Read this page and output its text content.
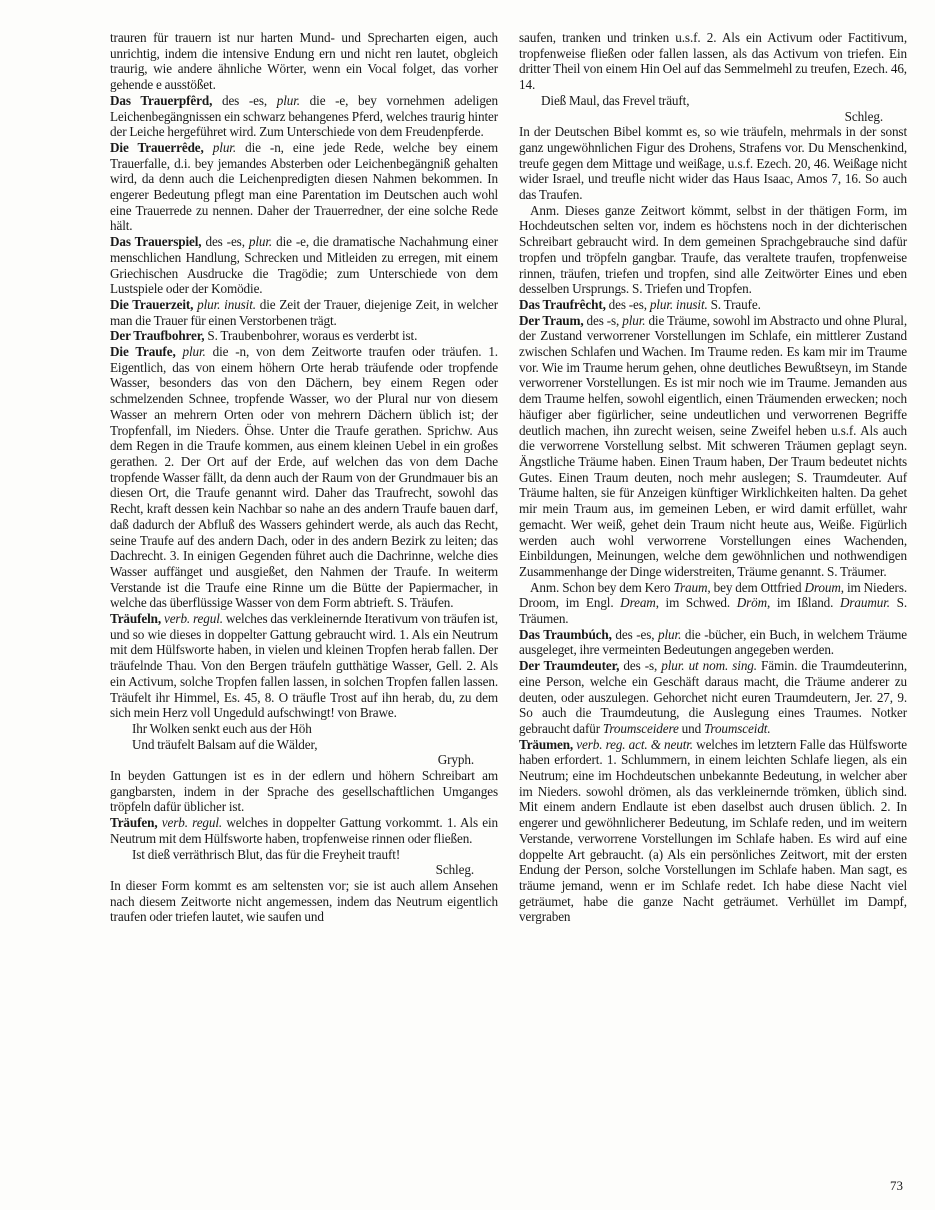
trauren für trauern ist nur harten Mund- und Sprecharten eigen, auch unrichtig, indem die intensive Endung ern und nicht ren lautet, obgleich traurig, wie andere ähnliche Wörter, wenn ein Vocal folget, das vorher gehende e ausstößet.
Das Trauerpfêrd, des -es, plur. die -e, bey vornehmen adeligen Leichenbegängnissen ein schwarz behangenes Pferd, welches traurig hinter der Leiche hergeführet wird. Zum Unterschiede von dem Freudenpferde.
Die Trauerrêde, plur. die -n, eine jede Rede, welche bey einem Trauerfalle, d.i. bey jemandes Absterben oder Leichenbegängniß gehalten wird, da denn auch die Leichenpredigten diesen Nahmen bekommen. In engerer Bedeutung pflegt man eine Parentation im Deutschen auch wohl eine Trauerrede zu nennen. Daher der Trauerredner, der eine solche Rede hält.
Das Trauerspiel, des -es, plur. die -e, die dramatische Nachahmung einer menschlichen Handlung, Schrecken und Mitleiden zu erregen, mit einem Griechischen Ausdrucke die Tragödie; zum Unterschiede von dem Lustspiele oder der Komödie.
Die Trauerzeit, plur. inusit. die Zeit der Trauer, diejenige Zeit, in welcher man die Trauer für einen Verstorbenen trägt.
Der Traufbohrer, S. Traubenbohrer, woraus es verderbt ist.
Die Traufe, plur. die -n, von dem Zeitworte traufen oder träufen. 1. Eigentlich, das von einem höhern Orte herab träufende oder tropfende Wasser, besonders das von den Dächern, bey einem Regen oder schmelzenden Schnee, tropfende Wasser, wo der Plural nur von diesem Wasser an mehrern Orten oder von mehrern Dächern üblich ist; der Tropfenfall, im Nieders. Öhse. Unter die Traufe gerathen. Sprichw. Aus dem Regen in die Traufe kommen, aus einem kleinen Uebel in ein großes gerathen. 2. Der Ort auf der Erde, auf welchen das von dem Dache tropfende Wasser fällt, da denn auch der Raum von der Grundmauer bis an diesen Ort, die Traufe genannt wird. Daher das Traufrecht, sowohl das Recht, kraft dessen kein Nachbar so nahe an des andern Traufe bauen darf, daß dadurch der Abfluß des Wassers gehindert werde, als auch das Recht, seine Traufe auf des andern Dach, oder in des andern Bezirk zu leiten; das Dachrecht. 3. In einigen Gegenden führet auch die Dachrinne, welche dies Wasser auffänget und ausgießet, den Nahmen der Traufe. In weiterm Verstande ist die Traufe eine Rinne um die Bütte der Papiermacher, in welche das überflüssige Wasser von dem Form abtrieft. S. Träufen.
Träufeln, verb. regul. welches das verkleinernde Iterativum von träufen ist, und so wie dieses in doppelter Gattung gebraucht wird. 1. Als ein Neutrum mit dem Hülfsworte haben, in vielen und kleinen Tropfen herab fallen. Der träufelnde Thau. Von den Bergen träufeln gutthätige Wasser, Gell. 2. Als ein Activum, solche Tropfen fallen lassen, in solchen Tropfen fallen lassen. Träufelt ihr Himmel, Es. 45, 8. O träufle Trost auf ihn herab, du, zu dem sich mein Herz voll Ungeduld aufschwingt! von Brawe.
Ihr Wolken senkt euch aus der Höh
Und träufelt Balsam auf die Wälder,
Gryph.
In beyden Gattungen ist es in der edlern und höhern Schreibart am gangbarsten, indem in der Sprache des gesellschaftlichen Umganges tröpfeln dafür üblicher ist.
Träufen, verb. regul. welches in doppelter Gattung vorkommt. 1. Als ein Neutrum mit dem Hülfsworte haben, tropfenweise rinnen oder fließen.
Ist dieß verräthrisch Blut, das für die Freyheit trauft!
Schleg.
In dieser Form kommt es am seltensten vor; sie ist auch allem Ansehen nach diesem Zeitworte nicht angemessen, indem das Neutrum eigentlich traufen oder triefen lautet, wie saufen und
saufen, tranken und trinken u.s.f. 2. Als ein Activum oder Factitivum, tropfenweise fließen oder fallen lassen, als das Activum von triefen. Ein dritter Theil von einem Hin Oel auf das Semmelmehl zu treufen, Ezech. 46, 14.
Dieß Maul, das Frevel träuft,
Schleg.
In der Deutschen Bibel kommt es, so wie träufeln, mehrmals in der sonst ganz ungewöhnlichen Figur des Drohens, Strafens vor. Du Menschenkind, treufe gegen dem Mittage und weißage, u.s.f. Ezech. 20, 46. Weißage nicht wider Israel, und treufle nicht wider das Haus Isaac, Amos 7, 16. So auch das Traufen.
Anm. Dieses ganze Zeitwort kömmt, selbst in der thätigen Form, im Hochdeutschen selten vor, indem es höchstens noch in der dichterischen Schreibart gebraucht wird. In dem gemeinen Sprachgebrauche sind dafür tropfen und tröpfeln gangbar. Traufe, das veraltete traufen, tropfenweise rinnen, träufen, triefen und tropfen, sind alle Zeitwörter Eines und eben desselben Ursprungs. S. Triefen und Tropfen.
Das Traufrêcht, des -es, plur. inusit. S. Traufe.
Der Traum, des -s, plur. die Träume, sowohl im Abstracto und ohne Plural, der Zustand verworrener Vorstellungen im Schlafe, ein mittlerer Zustand zwischen Schlafen und Wachen. Im Traume reden. Es kam mir im Traume vor. Wie im Traume herum gehen, ohne deutliches Bewußtseyn, im Stande verworrener Vorstellungen. Es ist mir noch wie im Traume. Jemanden aus dem Traume helfen, sowohl eigentlich, einen Träumenden erwecken; noch häufiger aber figürlicher, seine undeutlichen und verworrenen Begriffe deutlich machen, ihn zurecht weisen, seine Zweifel heben u.s.f. Als auch die verworrene Vorstellung selbst. Mit schweren Träumen geplagt seyn. Ängstliche Träume haben. Einen Traum haben, Der Traum bedeutet nichts Gutes. Einen Traum deuten, noch mehr auslegen; S. Traumdeuter. Auf Träume halten, sie für Anzeigen künftiger Wirklichkeiten halten. Da gehet mir mein Traum aus, im gemeinen Leben, er wird damit erfüllet, wahr gemacht. Wer weiß, gehet dein Traum nicht heute aus, Weiße. Figürlich werden auch wohl verworrene Vorstellungen eines Wachenden, Einbildungen, Meinungen, welche dem gewöhnlichen und nothwendigen Zusammenhange der Dinge widerstreiten, Träume genannt. S. Träumer.
Anm. Schon bey dem Kero Traum, bey dem Ottfried Droum, im Nieders. Droom, im Engl. Dream, im Schwed. Dröm, im Ißland. Draumur. S. Träumen.
Das Traumbúch, des -es, plur. die -bücher, ein Buch, in welchem Träume ausgeleget, ihre vermeinten Bedeutungen angegeben werden.
Der Traumdeuter, des -s, plur. ut nom. sing. Fämin. die Traumdeuterinn, eine Person, welche ein Geschäft daraus macht, die Träume anderer zu deuten, oder auszulegen. Gehorchet nicht euren Traumdeutern, Jer. 27, 9. So auch die Traumdeutung, die Auslegung eines Traumes. Notker gebraucht dafür Troumsceidere und Troumsceidt.
Träumen, verb. reg. act. & neutr. welches im letztern Falle das Hülfsworte haben erfordert. 1. Schlummern, in einem leichten Schlafe liegen, als ein Neutrum; eine im Hochdeutschen unbekannte Bedeutung, in welcher aber im Nieders. sowohl drömen, als das verkleinernde trömken, üblich sind. Mit einem andern Endlaute ist eben daselbst auch drusen üblich. 2. In engerer und gewöhnlicherer Bedeutung, im Schlafe reden, und im weitern Verstande, verworrene Vorstellungen im Schlafe haben. Es wird auf eine doppelte Art gebraucht. (a) Als ein persönliches Zeitwort, mit der ersten Endung der Person, solche Vorstellungen im Schlafe haben. Man sagt, es träume jemand, wenn er im Schlafe redet. Ich habe diese Nacht viel geträumet, habe die ganze Nacht geträumet. Verhüllet im Dampf, vergraben
73
